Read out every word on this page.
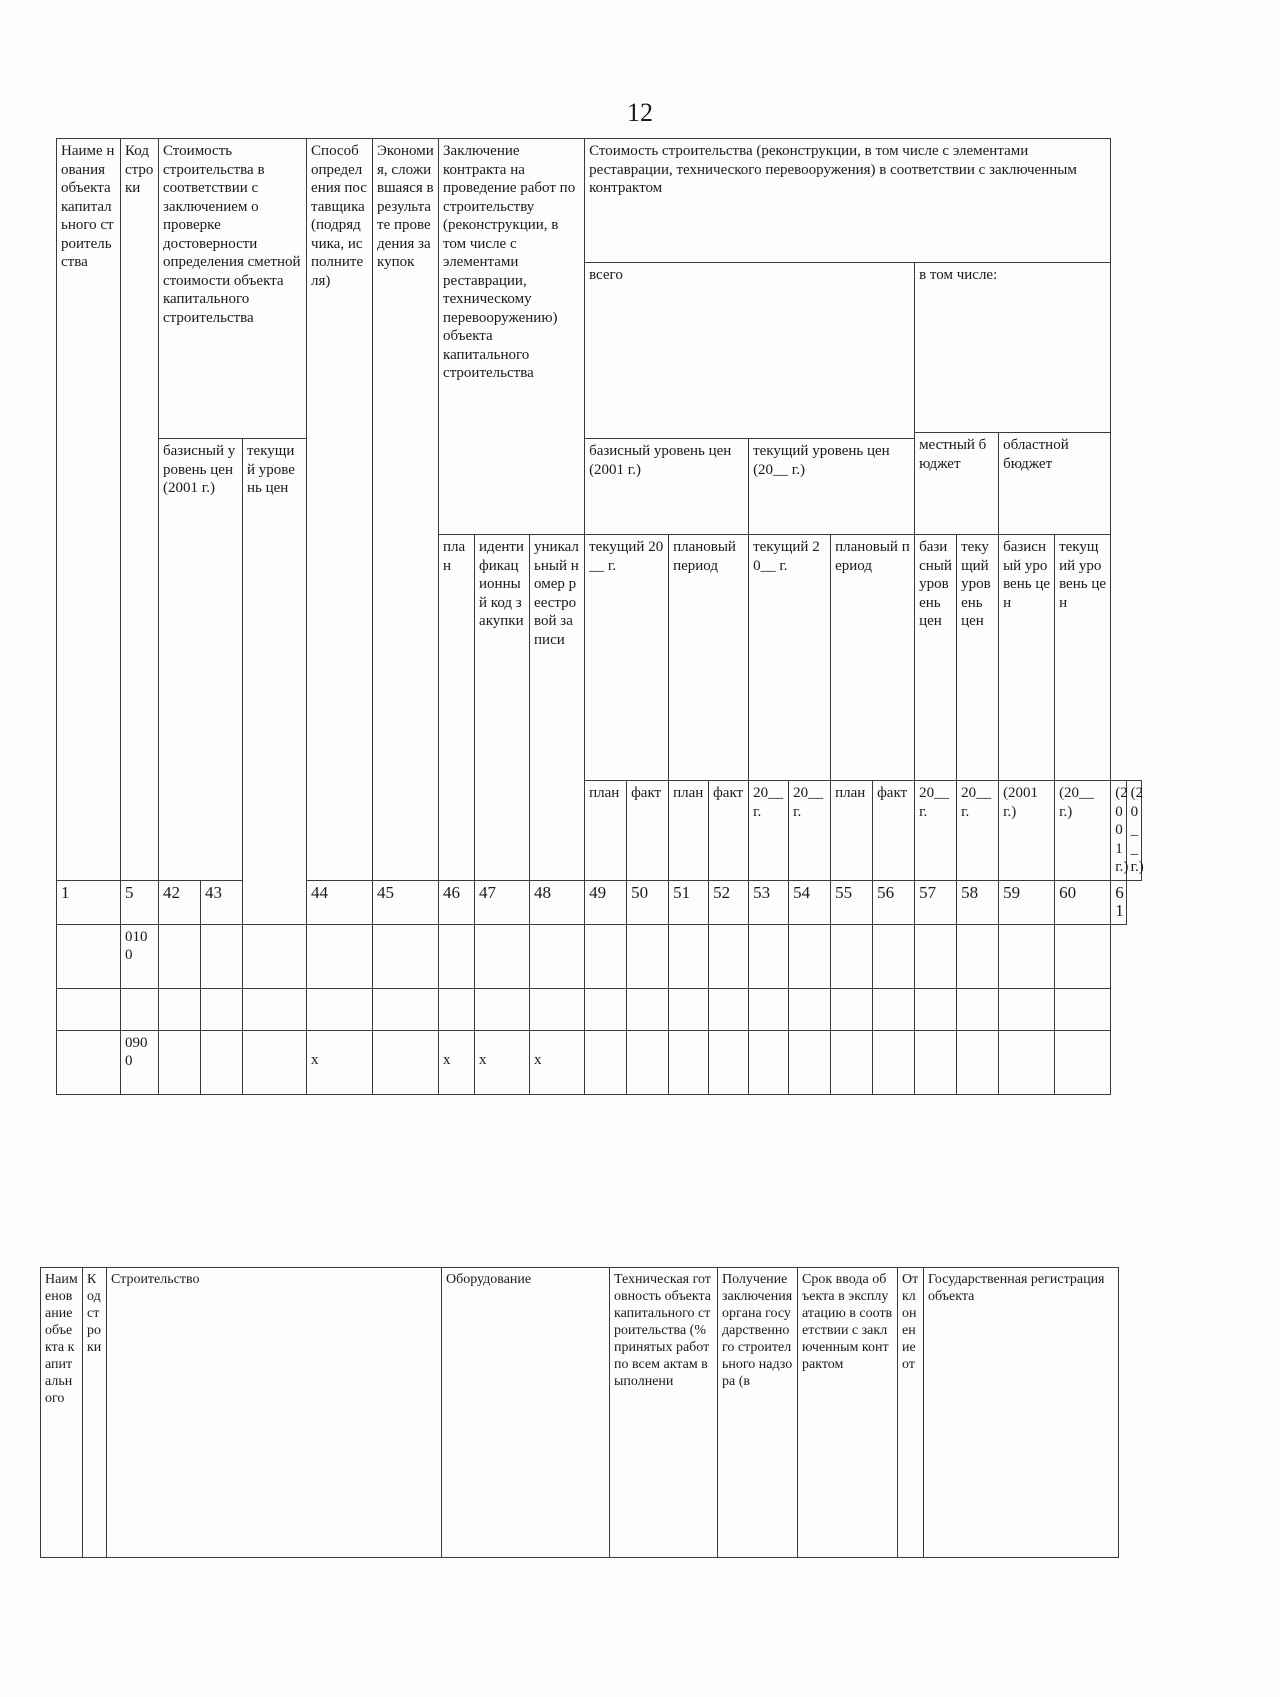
12
Наиме нования объекта капитального строительства	Код строки	Стоимость строительства в соответствии с заключением о проверке достоверности определения сметной стоимости объекта капитального строительства			Способ определения поставщика (подрядчика, исполнителя)	Экономия, сложившаяся в результате проведения закупок	Заключение контракта на проведение работ по строительству (реконструкции, в том числе с элементами реставрации, техническому перевооружению) объекта капитального строительства			Стоимость строительства (реконструкции, в том числе с элементами реставрации, технического перевооружения) в соответствии с заключенным контрактом													
										всего								в том числе:					
																		местный бюджет		областной бюджет			
		базисный уровень цен (2001 г.)		текущий уровень цен						базисный уровень цен (2001 г.)				текущий уровень цен (20__ г.)									
							план	идентификационный код закупки	уникальный номер реестровой записи	текущий 20__ г.		плановый период		текущий 20__ г.		плановый период		базисный уровень цен	текущий уровень цен	базисный уровень цен	текущий уровень цен		
										план	факт	план	факт	20__ г.	20__ г.	план	факт	20__ г.	20__ г.	(2001 г.)	(20__ г.)	(2001 г.)	(20__ г.)
1	5	42	43		44	45	46	47	48	49	50	51	52	53	54	55	56	57	58	59	60	61	
	0100																						

	0900				х		х	х	х														
Наименование объекта капитального	Код строки	Строительство	Оборудование	Техническая готовность объекта капитального строительства (% принятых работ по всем актам выполнени	Получение заключения органа государственного строительного надзора (в	Срок ввода объекта в эксплуатацию в соответствии с заключенным контрактом	Отклонение от	Государственная регистрация объекта
